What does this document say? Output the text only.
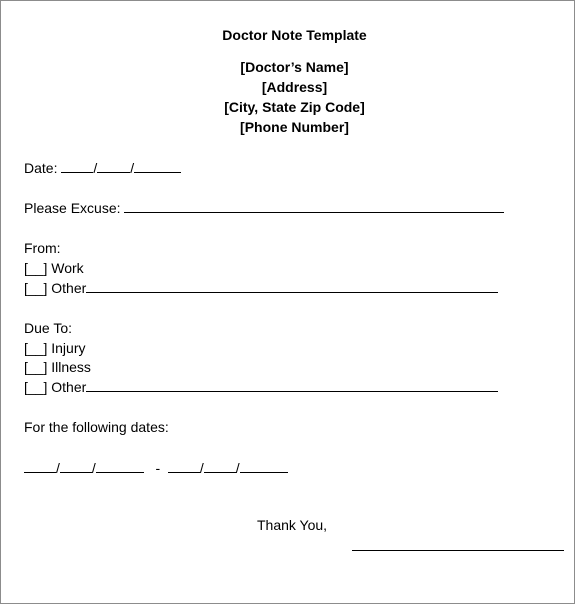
Doctor Note Template
[Doctor’s Name]
[Address]
[City, State Zip Code]
[Phone Number]
Date:	/ /
Please Excuse:
From:
[__] Work
[__] Other
Due To:
[__] Injury
[__] Illness
[__] Other
For the following dates:
/ /	-	/ /
Thank You,
